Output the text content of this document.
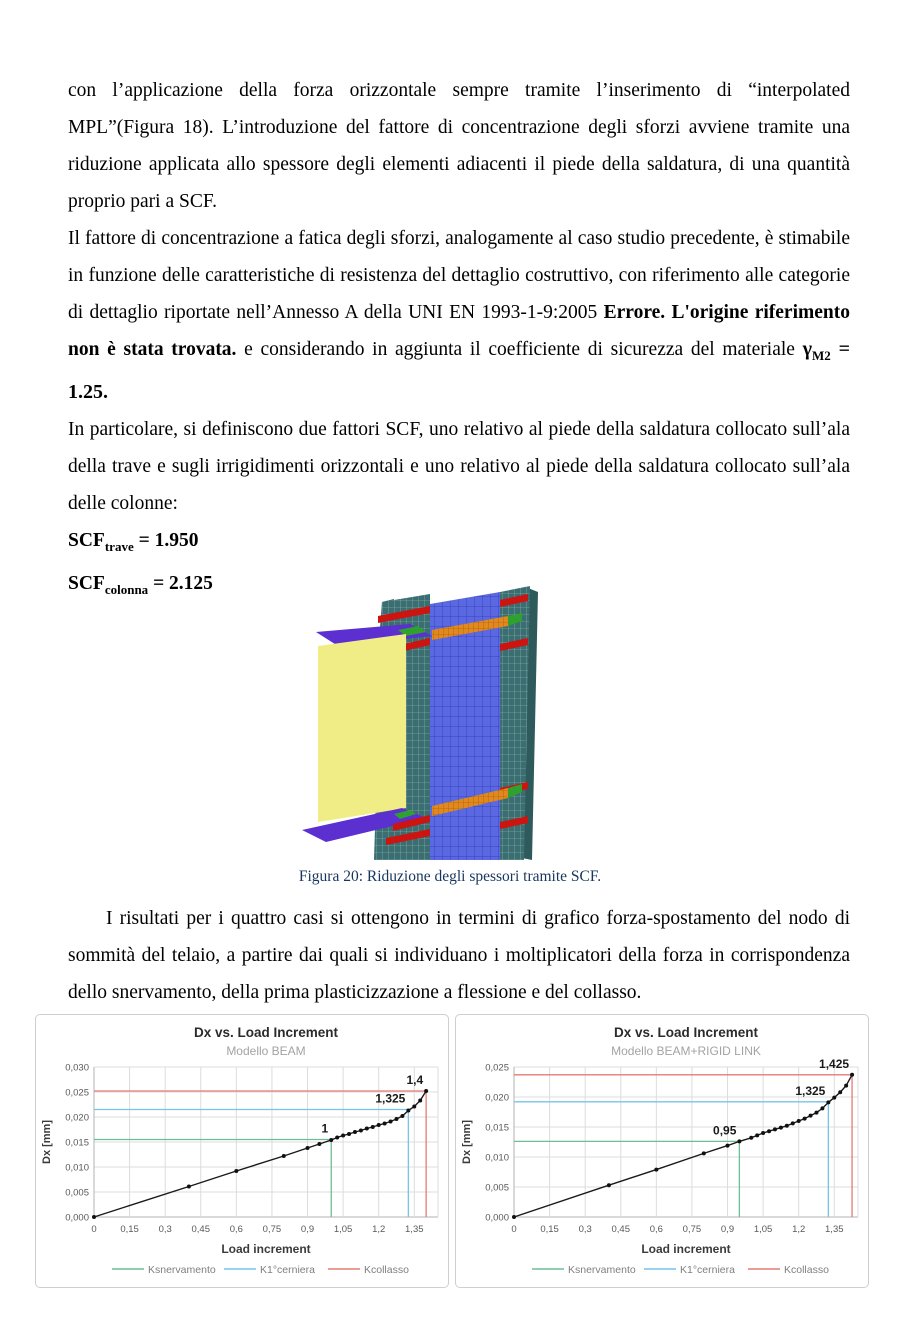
con l’applicazione della forza orizzontale sempre tramite l’inserimento di “interpolated MPL”(Figura 18). L’introduzione del fattore di concentrazione degli sforzi avviene tramite una riduzione applicata allo spessore degli elementi adiacenti il piede della saldatura, di una quantità proprio pari a SCF.

Il fattore di concentrazione a fatica degli sforzi, analogamente al caso studio precedente, è stimabile in funzione delle caratteristiche di resistenza del dettaglio costruttivo, con riferimento alle categorie di dettaglio riportate nell’Annesso A della UNI EN 1993-1-9:2005 Errore. L'origine riferimento non è stata trovata. e considerando in aggiunta il coefficiente di sicurezza del materiale $\gamma_{M2} = 1.25$.

In particolare, si definiscono due fattori SCF, uno relativo al piede della saldatura collocato sull’ala della trave e sugli irrigidimenti orizzontali e uno relativo al piede della saldatura collocato sull’ala delle colonne:

$SCF_{trave} = 1.950$

$SCF_{colonna} = 2.125$

Figura 20: Riduzione degli spessori tramite SCF.

I risultati per i quattro casi si ottengono in termini di grafico forza-spostamento del nodo di sommità del telaio, a partire dai quali si individuano i moltiplicatori della forza in corrispondenza dello snervamento, della prima plasticizzazione a flessione e del collasso.

0,000
0,005
0,010
0,015
0,020
0,025
0,030
0 0,15 0,3 0,45 0,6 0,75 0,9 1,05 1,2 1,35
1
1,325
1,4
Dx vs. Load Increment
Modello BEAM
Load increment
Dx [mm]
Ksnervamento	K1°cerniera	Kcollasso
0,000
0,005
0,010
0,015
0,020
0,025
0 0,15 0,3 0,45 0,6 0,75 0,9 1,05 1,2 1,35
0,95
1,325
1,425
Dx vs. Load Increment
Modello BEAM+RIGID LINK
Load increment
Dx [mm]
Ksnervamento	K1°cerniera	Kcollasso
